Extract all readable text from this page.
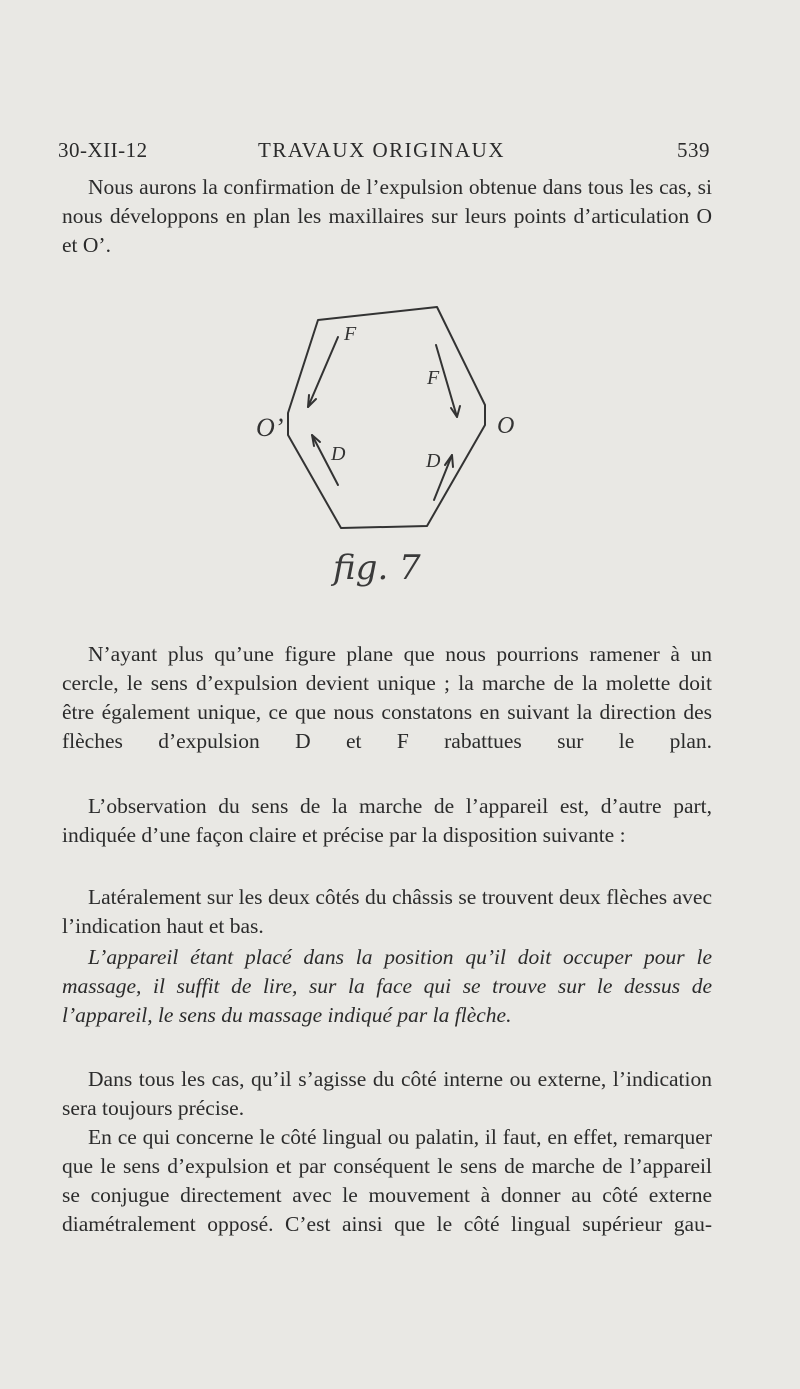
30-XII-12	TRAVAUX ORIGINAUX	539

Nous aurons la confirmation de l’expulsion obtenue dans tous les cas, si nous développons en plan les maxillaires sur leurs points d’articulation O et O’.

O’	O
F
F
D	D
fig. 7

N’ayant plus qu’une figure plane que nous pourrions ramener à un cercle, le sens d’expulsion devient unique ; la marche de la molette doit être également unique, ce que nous constatons en suivant la direction des flèches d’expulsion D et F rabattues sur le plan.

L’observation du sens de la marche de l’appareil est, d’autre part, indiquée d’une façon claire et précise par la disposition suivante :

Latéralement sur les deux côtés du châssis se trouvent deux flèches avec l’indication haut et bas.

L’appareil étant placé dans la position qu’il doit occuper pour le massage, il suffit de lire, sur la face qui se trouve sur le dessus de l’appareil, le sens du massage indiqué par la flèche.

Dans tous les cas, qu’il s’agisse du côté interne ou externe, l’indication sera toujours précise.

En ce qui concerne le côté lingual ou palatin, il faut, en effet, remarquer que le sens d’expulsion et par conséquent le sens de marche de l’appareil se conjugue directement avec le mouvement à donner au côté externe diamétralement opposé. C’est ainsi que le côté lingual supérieur gau-
